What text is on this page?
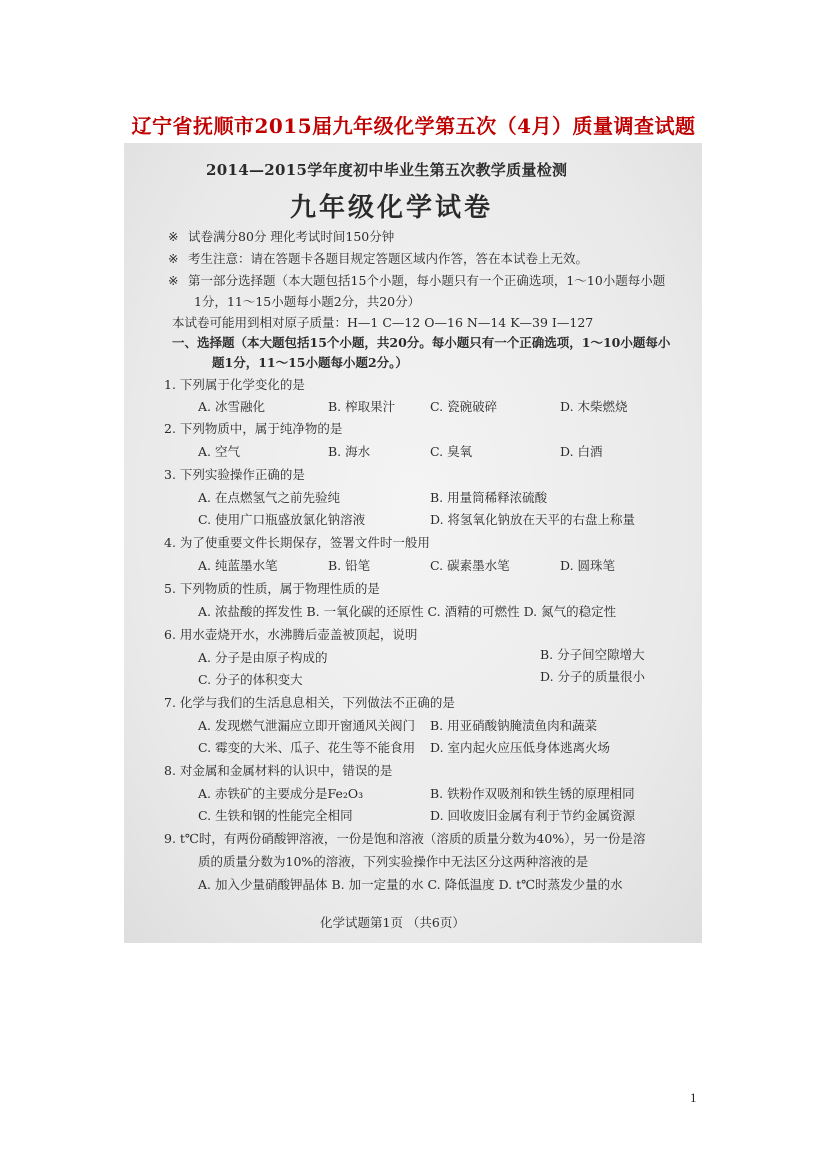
辽宁省抚顺市2015届九年级化学第五次（4月）质量调查试题
2014—2015学年度初中毕业生第五次教学质量检测
九年级化学试卷
※ 试卷满分80分 理化考试时间150分钟
※ 考生注意：请在答题卡各题目规定答题区域内作答，答在本试卷上无效。
※ 第一部分选择题（本大题包括15个小题，每小题只有一个正确选项，1～10小题每小题
1分，11～15小题每小题2分，共20分）
本试卷可能用到相对原子质量：H—1 C—12 O—16 N—14 K—39 I—127
一、选择题（本大题包括15个小题，共20分。每小题只有一个正确选项，1～10小题每小
题1分，11～15小题每小题2分。）
1. 下列属于化学变化的是
A. 冰雪融化	B. 榨取果汁	C. 瓷碗破碎	D. 木柴燃烧
2. 下列物质中，属于纯净物的是
A. 空气	B. 海水	C. 臭氧	D. 白酒
3. 下列实验操作正确的是
A. 在点燃氢气之前先验纯	B. 用量筒稀释浓硫酸
C. 使用广口瓶盛放氯化钠溶液	D. 将氢氧化钠放在天平的右盘上称量
4. 为了使重要文件长期保存，签署文件时一般用
A. 纯蓝墨水笔	B. 铅笔	C. 碳素墨水笔	D. 圆珠笔
5. 下列物质的性质，属于物理性质的是
A. 浓盐酸的挥发性 B. 一氧化碳的还原性 C. 酒精的可燃性 D. 氮气的稳定性
6. 用水壶烧开水，水沸腾后壶盖被顶起，说明
A. 分子是由原子构成的	B. 分子间空隙增大
C. 分子的体积变大	D. 分子的质量很小
7. 化学与我们的生活息息相关，下列做法不正确的是
A. 发现燃气泄漏应立即开窗通风关阀门 B. 用亚硝酸钠腌渍鱼肉和蔬菜
C. 霉变的大米、瓜子、花生等不能食用 D. 室内起火应压低身体逃离火场
8. 对金属和金属材料的认识中，错误的是
A. 赤铁矿的主要成分是Fe₂O₃	B. 铁粉作双吸剂和铁生锈的原理相同
C. 生铁和钢的性能完全相同	D. 回收废旧金属有利于节约金属资源
9. t℃时，有两份硝酸钾溶液，一份是饱和溶液（溶质的质量分数为40%），另一份是溶
质的质量分数为10%的溶液，下列实验操作中无法区分这两种溶液的是
A. 加入少量硝酸钾晶体 B. 加一定量的水 C. 降低温度 D. t℃时蒸发少量的水
化学试题第1页 （共6页）
1
